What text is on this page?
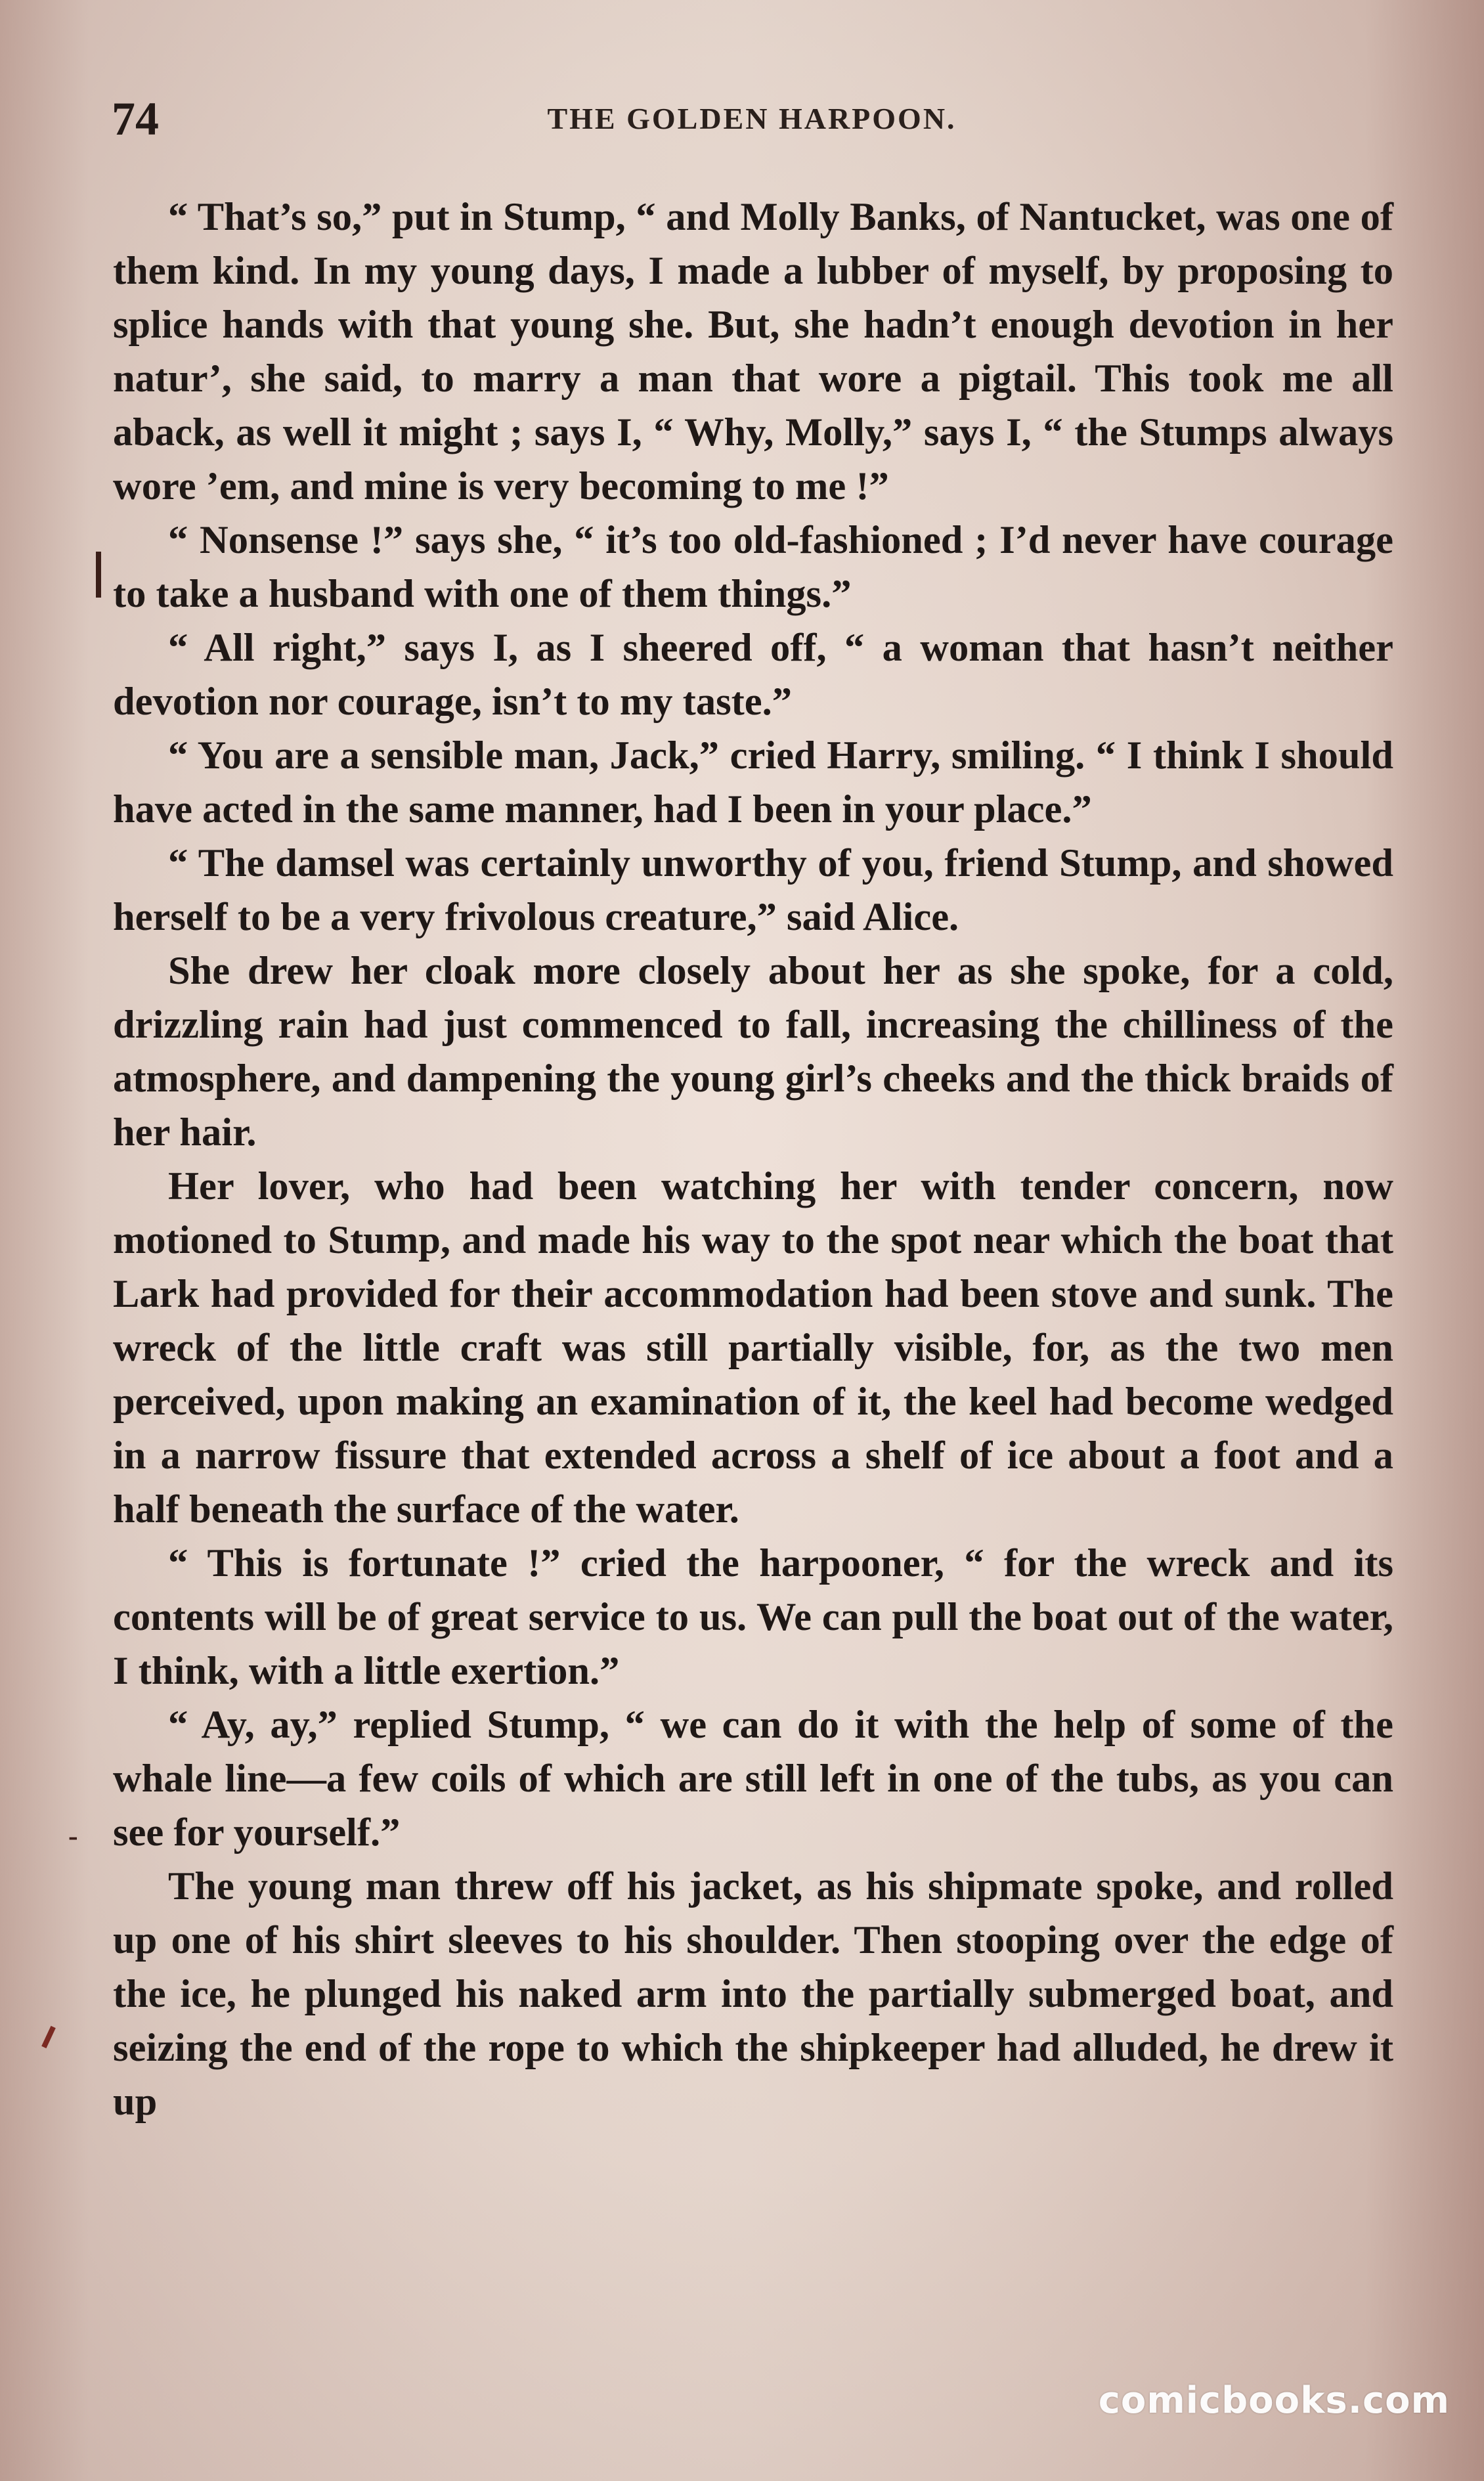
74	THE GOLDEN HARPOON.

“ That’s so,” put in Stump, “ and Molly Banks, of Nantucket, was one of them kind. In my young days, I made a lubber of myself, by proposing to splice hands with that young she. But, she hadn’t enough devotion in her natur’, she said, to marry a man that wore a pigtail. This took me all aback, as well it might ; says I, “ Why, Molly,” says I, “ the Stumps always wore ’em, and mine is very becoming to me !”

“ Nonsense !” says she, “ it’s too old-fashioned ; I’d never have courage to take a husband with one of them things.”

“ All right,” says I, as I sheered off, “ a woman that hasn’t neither devotion nor courage, isn’t to my taste.”

“ You are a sensible man, Jack,” cried Harry, smiling. “ I think I should have acted in the same manner, had I been in your place.”

“ The damsel was certainly unworthy of you, friend Stump, and showed herself to be a very frivolous creature,” said Alice.

She drew her cloak more closely about her as she spoke, for a cold, drizzling rain had just commenced to fall, increasing the chilliness of the atmosphere, and dampening the young girl’s cheeks and the thick braids of her hair.

Her lover, who had been watching her with tender concern, now motioned to Stump, and made his way to the spot near which the boat that Lark had provided for their accommodation had been stove and sunk. The wreck of the little craft was still partially visible, for, as the two men perceived, upon making an examination of it, the keel had become wedged in a narrow fissure that extended across a shelf of ice about a foot and a half beneath the surface of the water.

“ This is fortunate !” cried the harpooner, “ for the wreck and its contents will be of great service to us. We can pull the boat out of the water, I think, with a little exertion.”

“ Ay, ay,” replied Stump, “ we can do it with the help of some of the whale line—a few coils of which are still left in one of the tubs, as you can see for yourself.”

The young man threw off his jacket, as his shipmate spoke, and rolled up one of his shirt sleeves to his shoulder. Then stooping over the edge of the ice, he plunged his naked arm into the partially submerged boat, and seizing the end of the rope to which the shipkeeper had alluded, he drew it up

-
comicbooks.com
